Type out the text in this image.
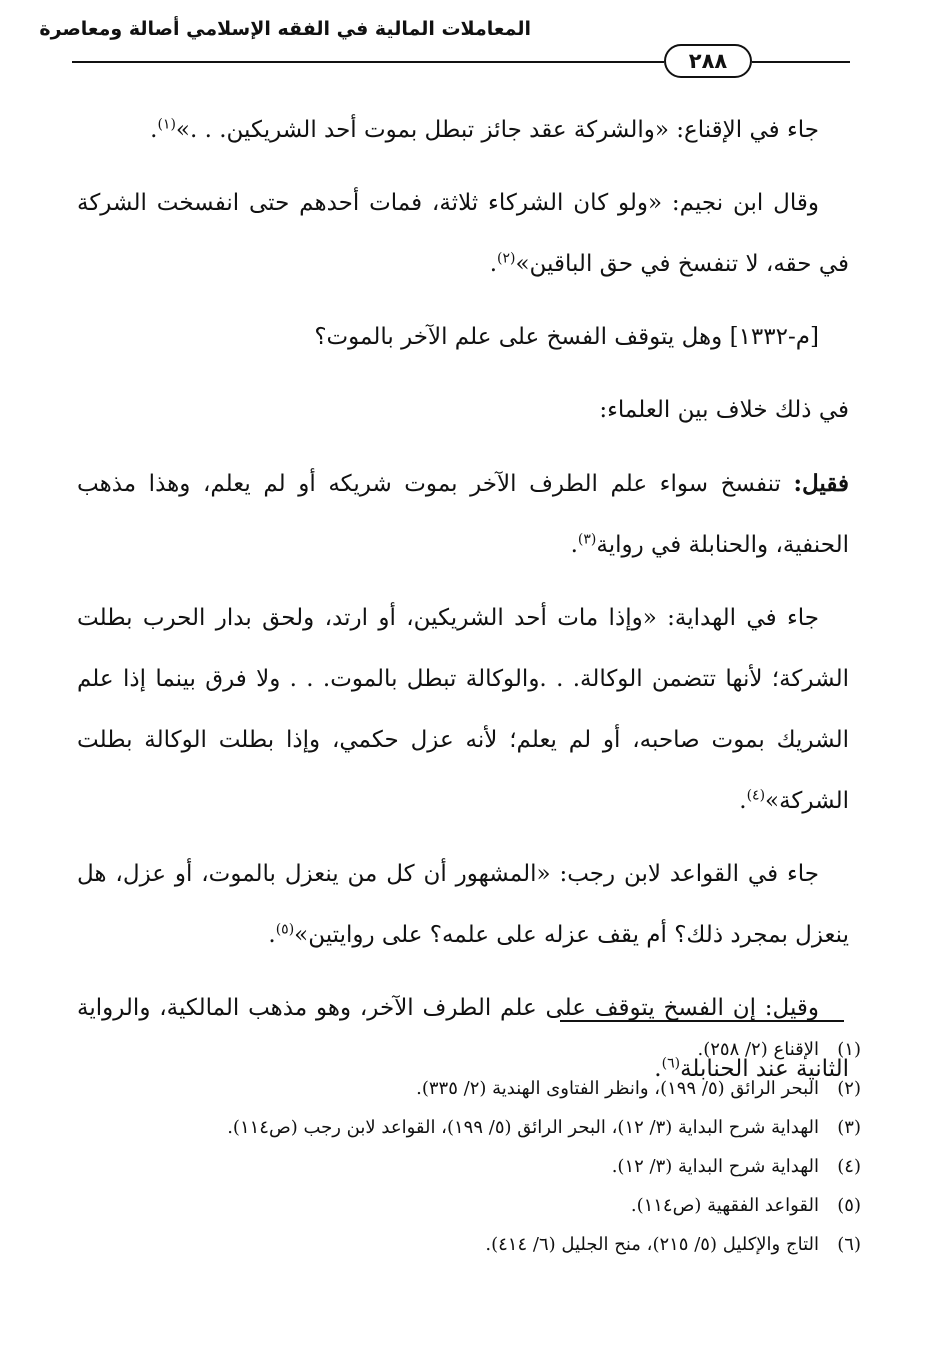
المعاملات المالية في الفقه الإسلامي أصالة ومعاصرة
٢٨٨

جاء في الإقناع: «والشركة عقد جائز تبطل بموت أحد الشريكين. . .»$^{(١)}$.

وقال ابن نجيم: «ولو كان الشركاء ثلاثة، فمات أحدهم حتى انفسخت الشركة في حقه، لا تنفسخ في حق الباقين»$^{(٢)}$.

[م-١٣٣٢] وهل يتوقف الفسخ على علم الآخر بالموت؟

في ذلك خلاف بين العلماء:

فقيل: تنفسخ سواء علم الطرف الآخر بموت شريكه أو لم يعلم، وهذا مذهب الحنفية، والحنابلة في رواية$^{(٣)}$.

جاء في الهداية: «وإذا مات أحد الشريكين، أو ارتد، ولحق بدار الحرب بطلت الشركة؛ لأنها تتضمن الوكالة. . .والوكالة تبطل بالموت. . . ولا فرق بينما إذا علم الشريك بموت صاحبه، أو لم يعلم؛ لأنه عزل حكمي، وإذا بطلت الوكالة بطلت الشركة»$^{(٤)}$.

جاء في القواعد لابن رجب: «المشهور أن كل من ينعزل بالموت، أو عزل، هل ينعزل بمجرد ذلك؟ أم يقف عزله على علمه؟ على روايتين»$^{(٥)}$.

وقيل: إن الفسخ يتوقف على علم الطرف الآخر، وهو مذهب المالكية، والرواية الثانية عند الحنابلة$^{(٦)}$.

(١)الإقناع (٢/ ٢٥٨).
(٢)البحر الرائق (٥/ ١٩٩)، وانظر الفتاوى الهندية (٢/ ٣٣٥).
(٣)الهداية شرح البداية (٣/ ١٢)، البحر الرائق (٥/ ١٩٩)، القواعد لابن رجب (ص١١٤).
(٤)الهداية شرح البداية (٣/ ١٢).
(٥)القواعد الفقهية (ص١١٤).
(٦)التاج والإكليل (٥/ ٢١٥)، منح الجليل (٦/ ٤١٤).
